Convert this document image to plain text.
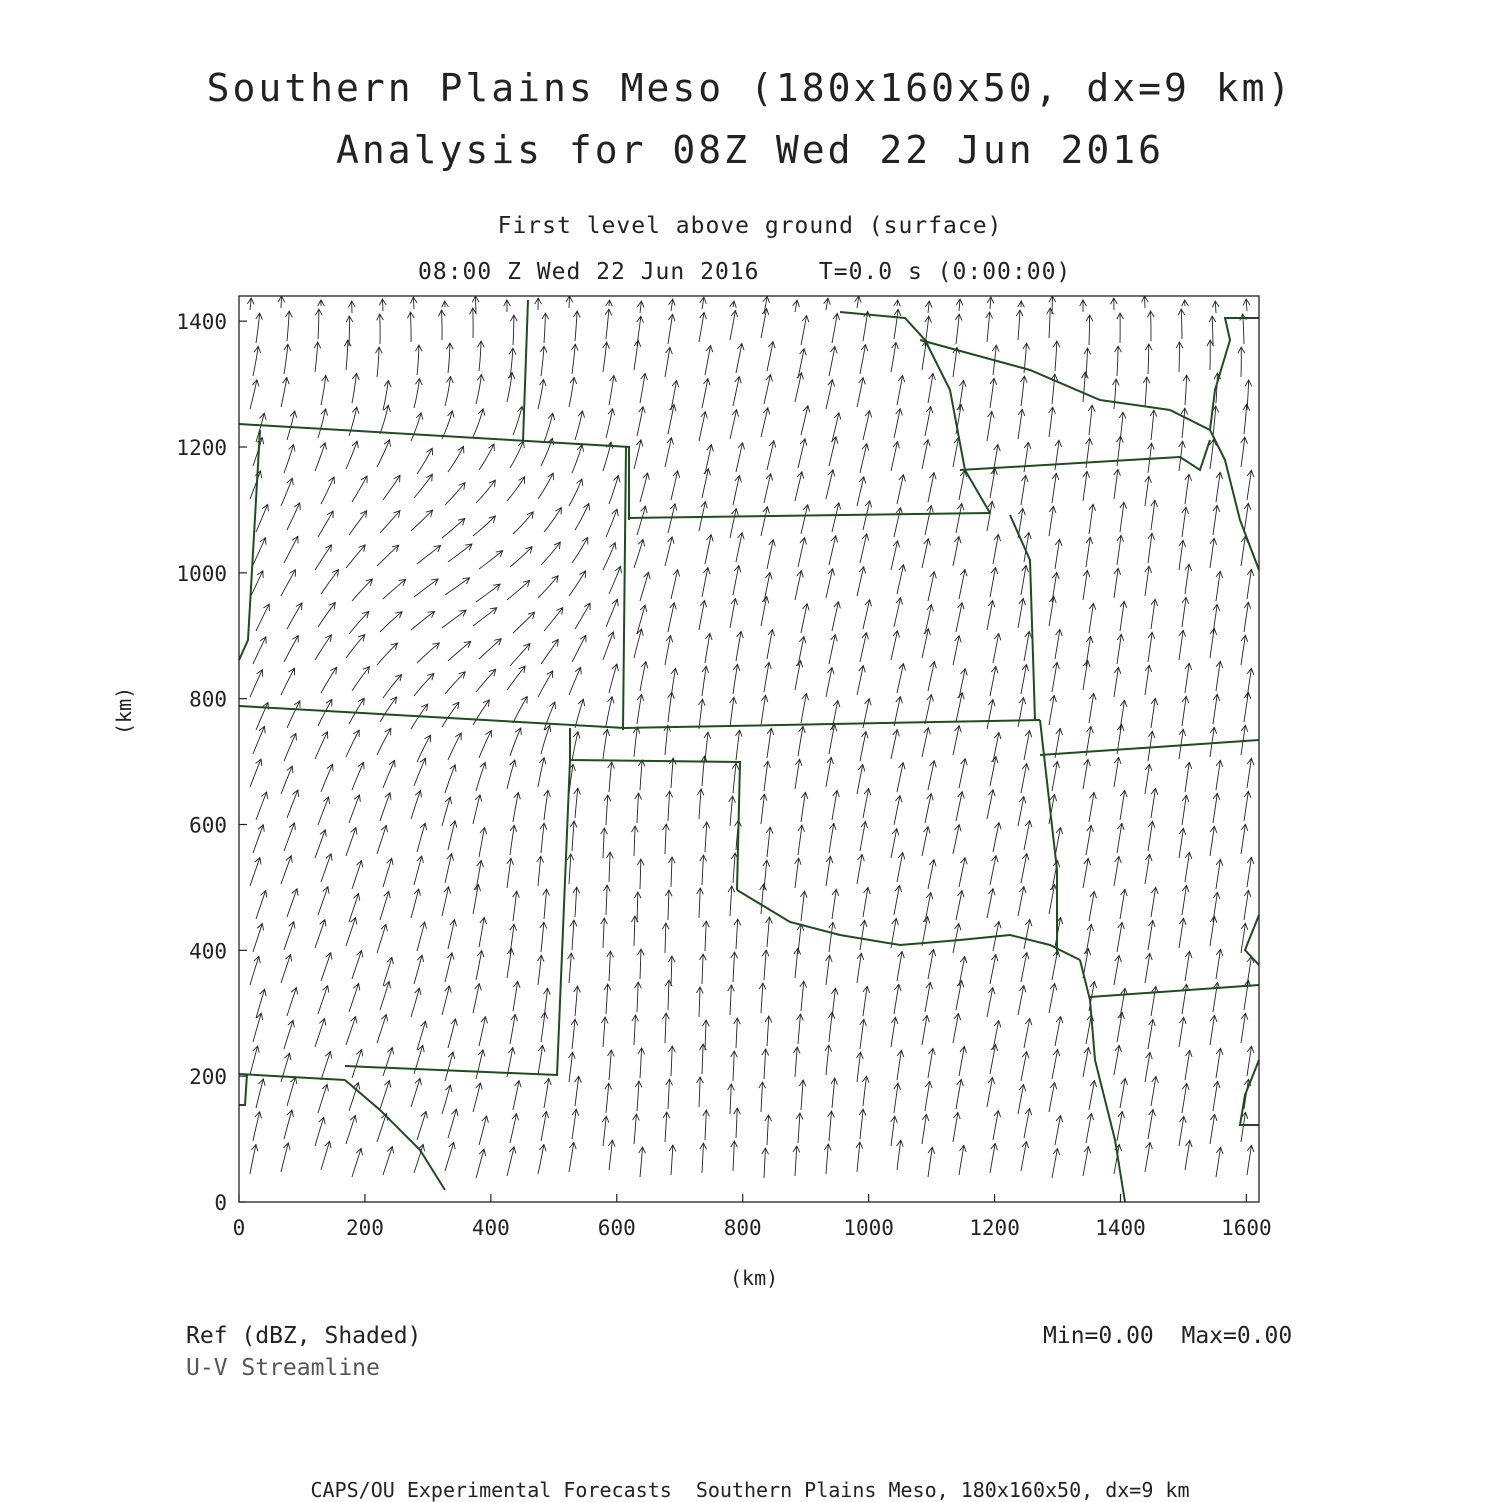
Southern Plains Meso (180x160x50, dx=9 km)
Analysis for 08Z Wed 22 Jun 2016
First level above ground (surface)
08:00 Z Wed 22 Jun 2016    T=0.0 s (0:00:00)
0	200	400	600	800	1000	1200	1400	1600
0
200
400
600
800
1000
1200
1400
(km)
(km)
Ref (dBZ, Shaded)
U-V Streamline
Min=0.00  Max=0.00
CAPS/OU Experimental Forecasts  Southern Plains Meso, 180x160x50, dx=9 km
